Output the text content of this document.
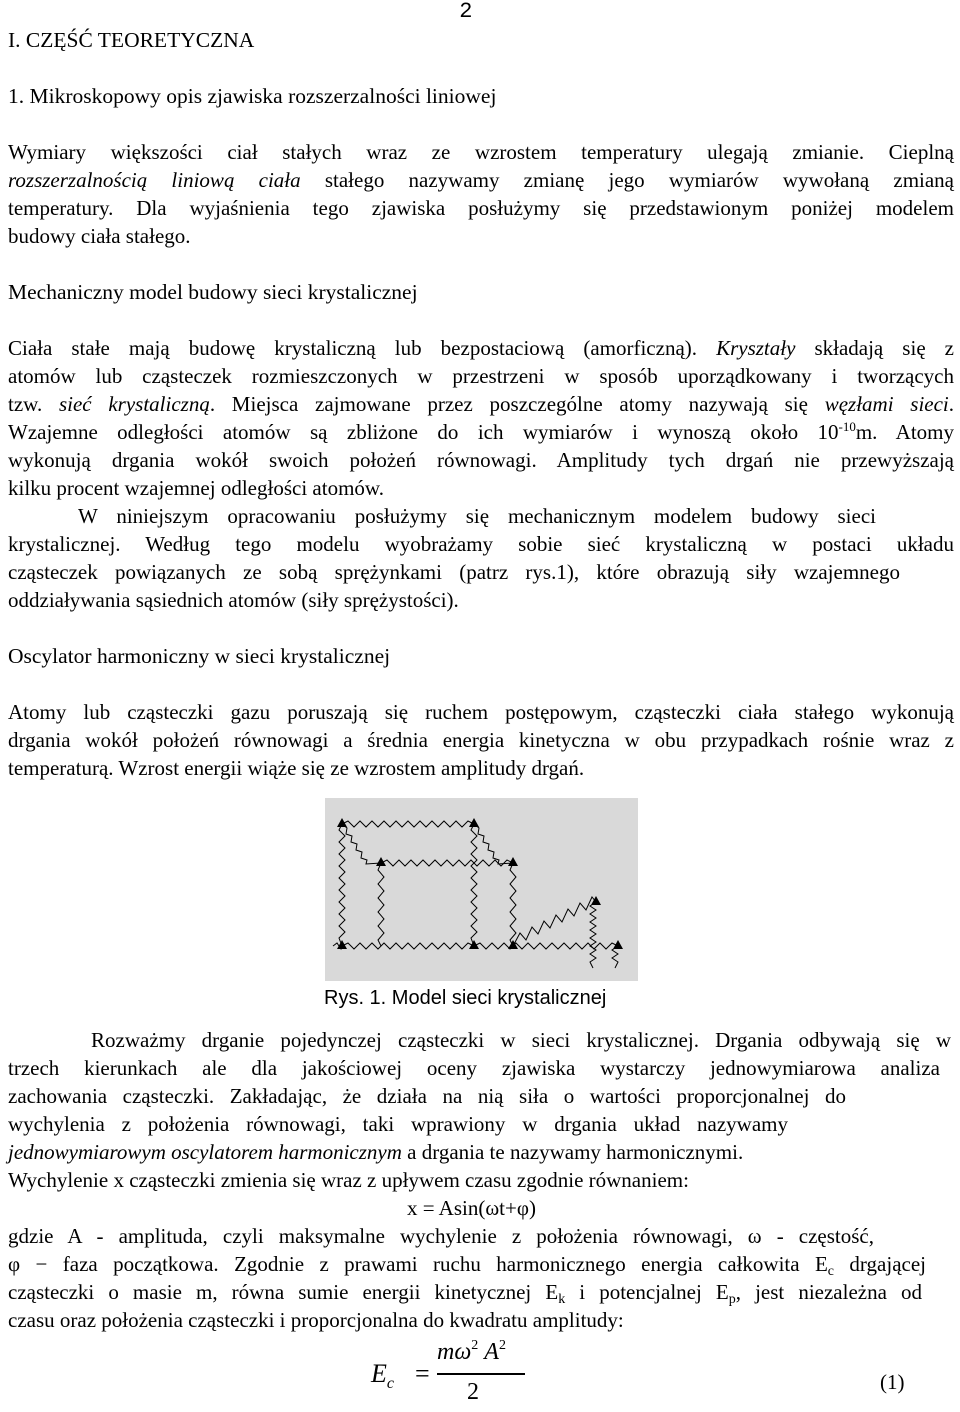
2
I. CZĘŚĆ TEORETYCZNA
1. Mikroskopowy opis zjawiska rozszerzalności liniowej
Wymiary większości ciał stałych wraz ze wzrostem temperatury ulegają zmianie. Cieplną
rozszerzalnością liniową ciała stałego nazywamy zmianę jego wymiarów wywołaną zmianą
temperatury. Dla wyjaśnienia tego zjawiska posłużymy się przedstawionym poniżej modelem
budowy ciała stałego.
Mechaniczny model budowy sieci krystalicznej
Ciała stałe mają budowę krystaliczną lub bezpostaciową (amorficzną). Kryształy składają się z
atomów lub cząsteczek rozmieszczonych w przestrzeni w sposób uporządkowany i tworzących
tzw. sieć krystaliczną. Miejsca zajmowane przez poszczególne atomy nazywają się węzłami sieci.
Wzajemne odległości atomów są zbliżone do ich wymiarów i wynoszą około $10^{-10}m$. Atomy
wykonują drgania wokół swoich położeń równowagi. Amplitudy tych drgań nie przewyższają
kilku procent wzajemnej odległości atomów.
W niniejszym opracowaniu posłużymy się mechanicznym modelem budowy sieci
krystalicznej. Według tego modelu wyobrażamy sobie sieć krystaliczną w postaci układu
cząsteczek powiązanych ze sobą sprężynkami (patrz rys.1), które obrazują siły wzajemnego
oddziaływania sąsiednich atomów (siły sprężystości).
Oscylator harmoniczny w sieci krystalicznej
Atomy lub cząsteczki gazu poruszają się ruchem postępowym, cząsteczki ciała stałego wykonują
drgania wokół położeń równowagi a średnia energia kinetyczna w obu przypadkach rośnie wraz z
temperaturą. Wzrost energii wiąże się ze wzrostem amplitudy drgań.
Rys. 1. Model sieci krystalicznej
Rozważmy drganie pojedynczej cząsteczki w sieci krystalicznej. Drgania odbywają się w
trzech kierunkach ale dla jakościowej oceny zjawiska wystarczy jednowymiarowa analiza
zachowania cząsteczki. Zakładając, że działa na nią siła o wartości proporcjonalnej do
wychylenia z położenia równowagi, taki wprawiony w drgania układ nazywamy
jednowymiarowym oscylatorem harmonicznym a drgania te nazywamy harmonicznymi.
Wychylenie x cząsteczki zmienia się wraz z upływem czasu zgodnie równaniem:
x = Asin(ωt+φ)
gdzie A - amplituda, czyli maksymalne wychylenie z położenia równowagi, ω - częstość,
φ − faza początkowa. Zgodnie z prawami ruchu harmonicznego energia całkowita $E_c$ drgającej
cząsteczki o masie m, równa sumie energii kinetycznej $E_k$ i potencjalnej $E_p$, jest niezależna od
czasu oraz położenia cząsteczki i proporcjonalna do kwadratu amplitudy:
$E_c$ =
$m\omega^2$ $A^2$
2	(1)
